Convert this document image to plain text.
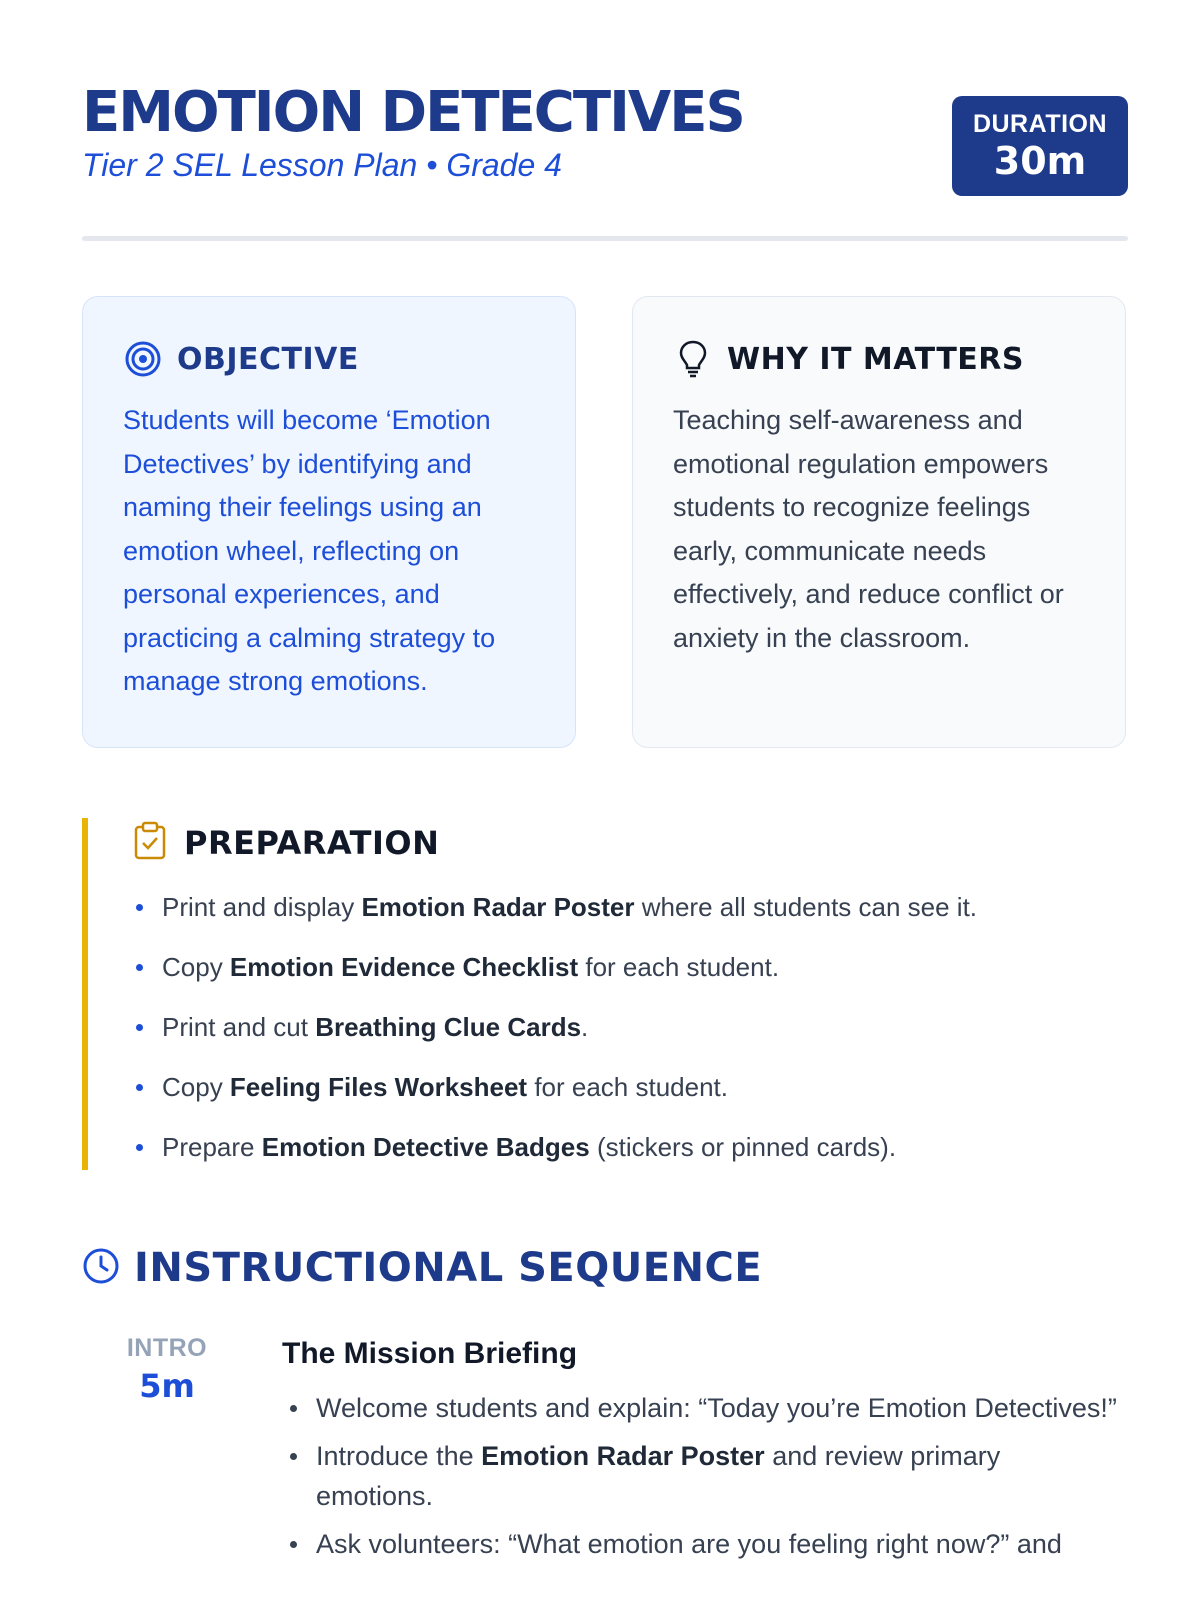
EMOTION DETECTIVES
Tier 2 SEL Lesson Plan • Grade 4
DURATION
30m
OBJECTIVE
Students will become ‘Emotion Detectives’ by identifying and naming their feelings using an emotion wheel, reflecting on personal experiences, and practicing a calming strategy to manage strong emotions.
WHY IT MATTERS
Teaching self-awareness and emotional regulation empowers students to recognize feelings early, communicate needs effectively, and reduce conflict or anxiety in the classroom.
PREPARATION
Print and display Emotion Radar Poster where all students can see it.
Copy Emotion Evidence Checklist for each student.
Print and cut Breathing Clue Cards.
Copy Feeling Files Worksheet for each student.
Prepare Emotion Detective Badges (stickers or pinned cards).
INSTRUCTIONAL SEQUENCE
INTRO
5m
The Mission Briefing
Welcome students and explain: “Today you’re Emotion Detectives!”
Introduce the Emotion Radar Poster and review primary emotions.
Ask volunteers: “What emotion are you feeling right now?” and
